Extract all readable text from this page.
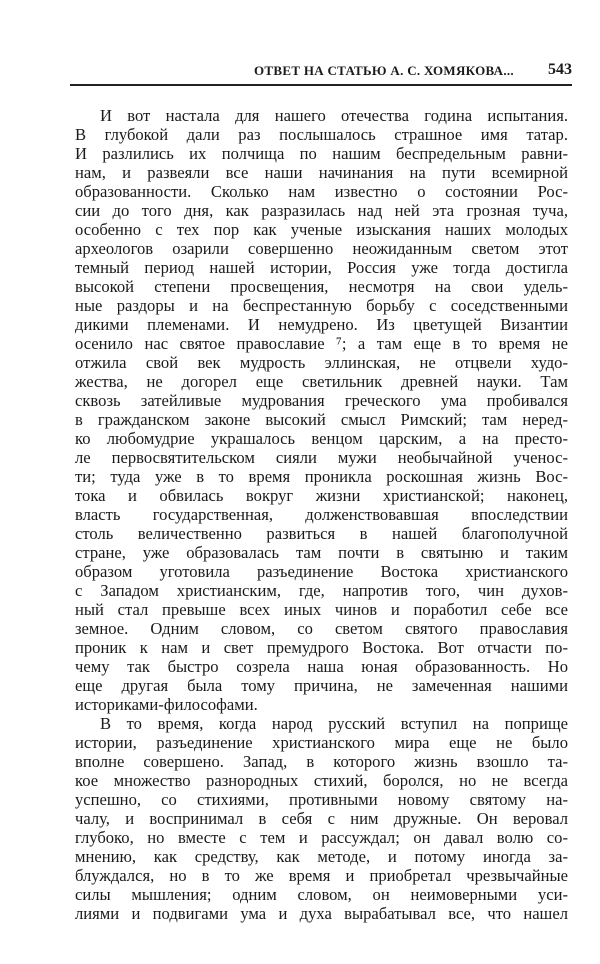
ОТВЕТ НА СТАТЬЮ А. С. ХОМЯКОВА... 543
И вот настала для нашего отечества година испытания.
В глубокой дали раз послышалось страшное имя татар.
И разлились их полчища по нашим беспредельным равни-
нам, и развеяли все наши начинания на пути всемирной
образованности. Сколько нам известно о состоянии Рос-
сии до того дня, как разразилась над ней эта грозная туча,
особенно с тех пор как ученые изыскания наших молодых
археологов озарили совершенно неожиданным светом этот
темный период нашей истории, Россия уже тогда достигла
высокой степени просвещения, несмотря на свои удель-
ные раздоры и на беспрестанную борьбу с соседственными
дикими племенами. И немудрено. Из цветущей Византии
осенило нас святое православие ⁷; а там еще в то время не
отжила свой век мудрость эллинская, не отцвели худо-
жества, не догорел еще светильник древней науки. Там
сквозь затейливые мудрования греческого ума пробивался
в гражданском законе высокий смысл Римский; там неред-
ко любомудрие украшалось венцом царским, а на престо-
ле первосвятительском сияли мужи необычайной ученос-
ти; туда уже в то время проникла роскошная жизнь Вос-
тока и обвилась вокруг жизни христианской; наконец,
власть государственная, долженствовавшая впоследствии
столь величественно развиться в нашей благополучной
стране, уже образовалась там почти в святыню и таким
образом уготовила разъединение Востока христианского
с Западом христианским, где, напротив того, чин духов-
ный стал превыше всех иных чинов и поработил себе все
земное. Одним словом, со светом святого православия
проник к нам и свет премудрого Востока. Вот отчасти по-
чему так быстро созрела наша юная образованность. Но
еще другая была тому причина, не замеченная нашими
историками-философами.
В то время, когда народ русский вступил на поприще
истории, разъединение христианского мира еще не было
вполне совершено. Запад, в которого жизнь взошло та-
кое множество разнородных стихий, боролся, но не всегда
успешно, со стихиями, противными новому святому на-
чалу, и воспринимал в себя с ним дружные. Он веровал
глубоко, но вместе с тем и рассуждал; он давал волю со-
мнению, как средству, как методе, и потому иногда за-
блуждался, но в то же время и приобретал чрезвычайные
силы мышления; одним словом, он неимоверными уси-
лиями и подвигами ума и духа вырабатывал все, что нашел
